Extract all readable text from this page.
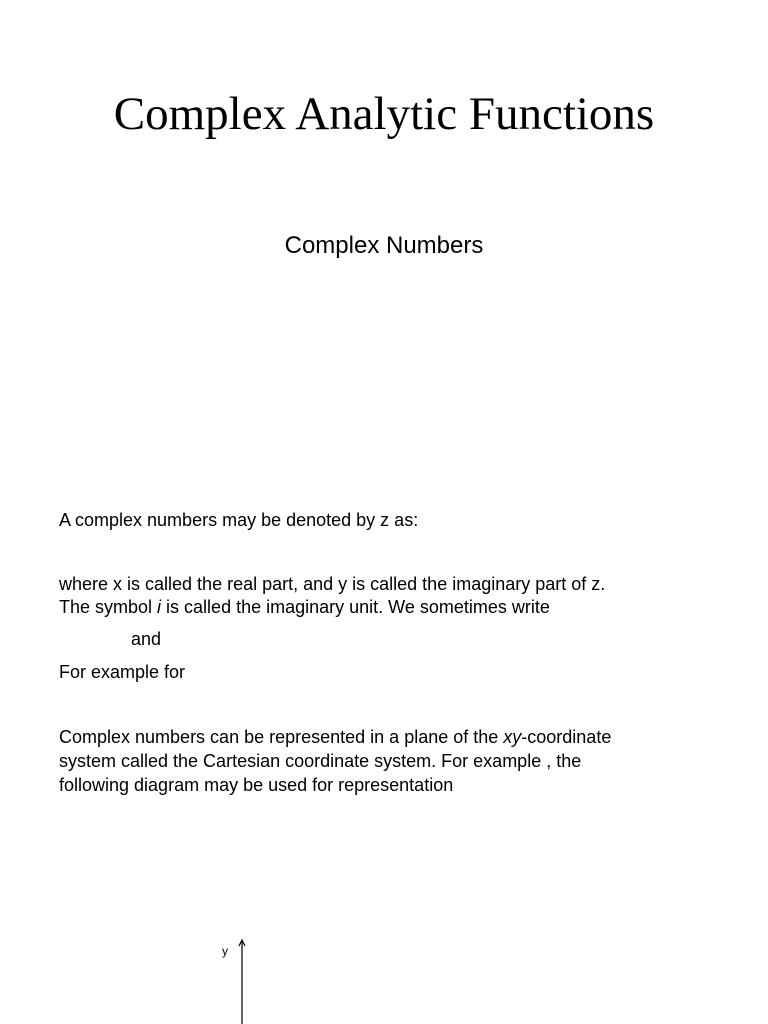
Complex Analytic Functions
Complex Numbers

A complex numbers may be denoted by z as:

where x is called the real part, and y is called the imaginary part of z.

The symbol i is called the imaginary unit. We sometimes write

and

For example for

Complex numbers can be represented in a plane of the xy-coordinate

system called the Cartesian coordinate system. For example , the

following diagram may be used for representation

y
